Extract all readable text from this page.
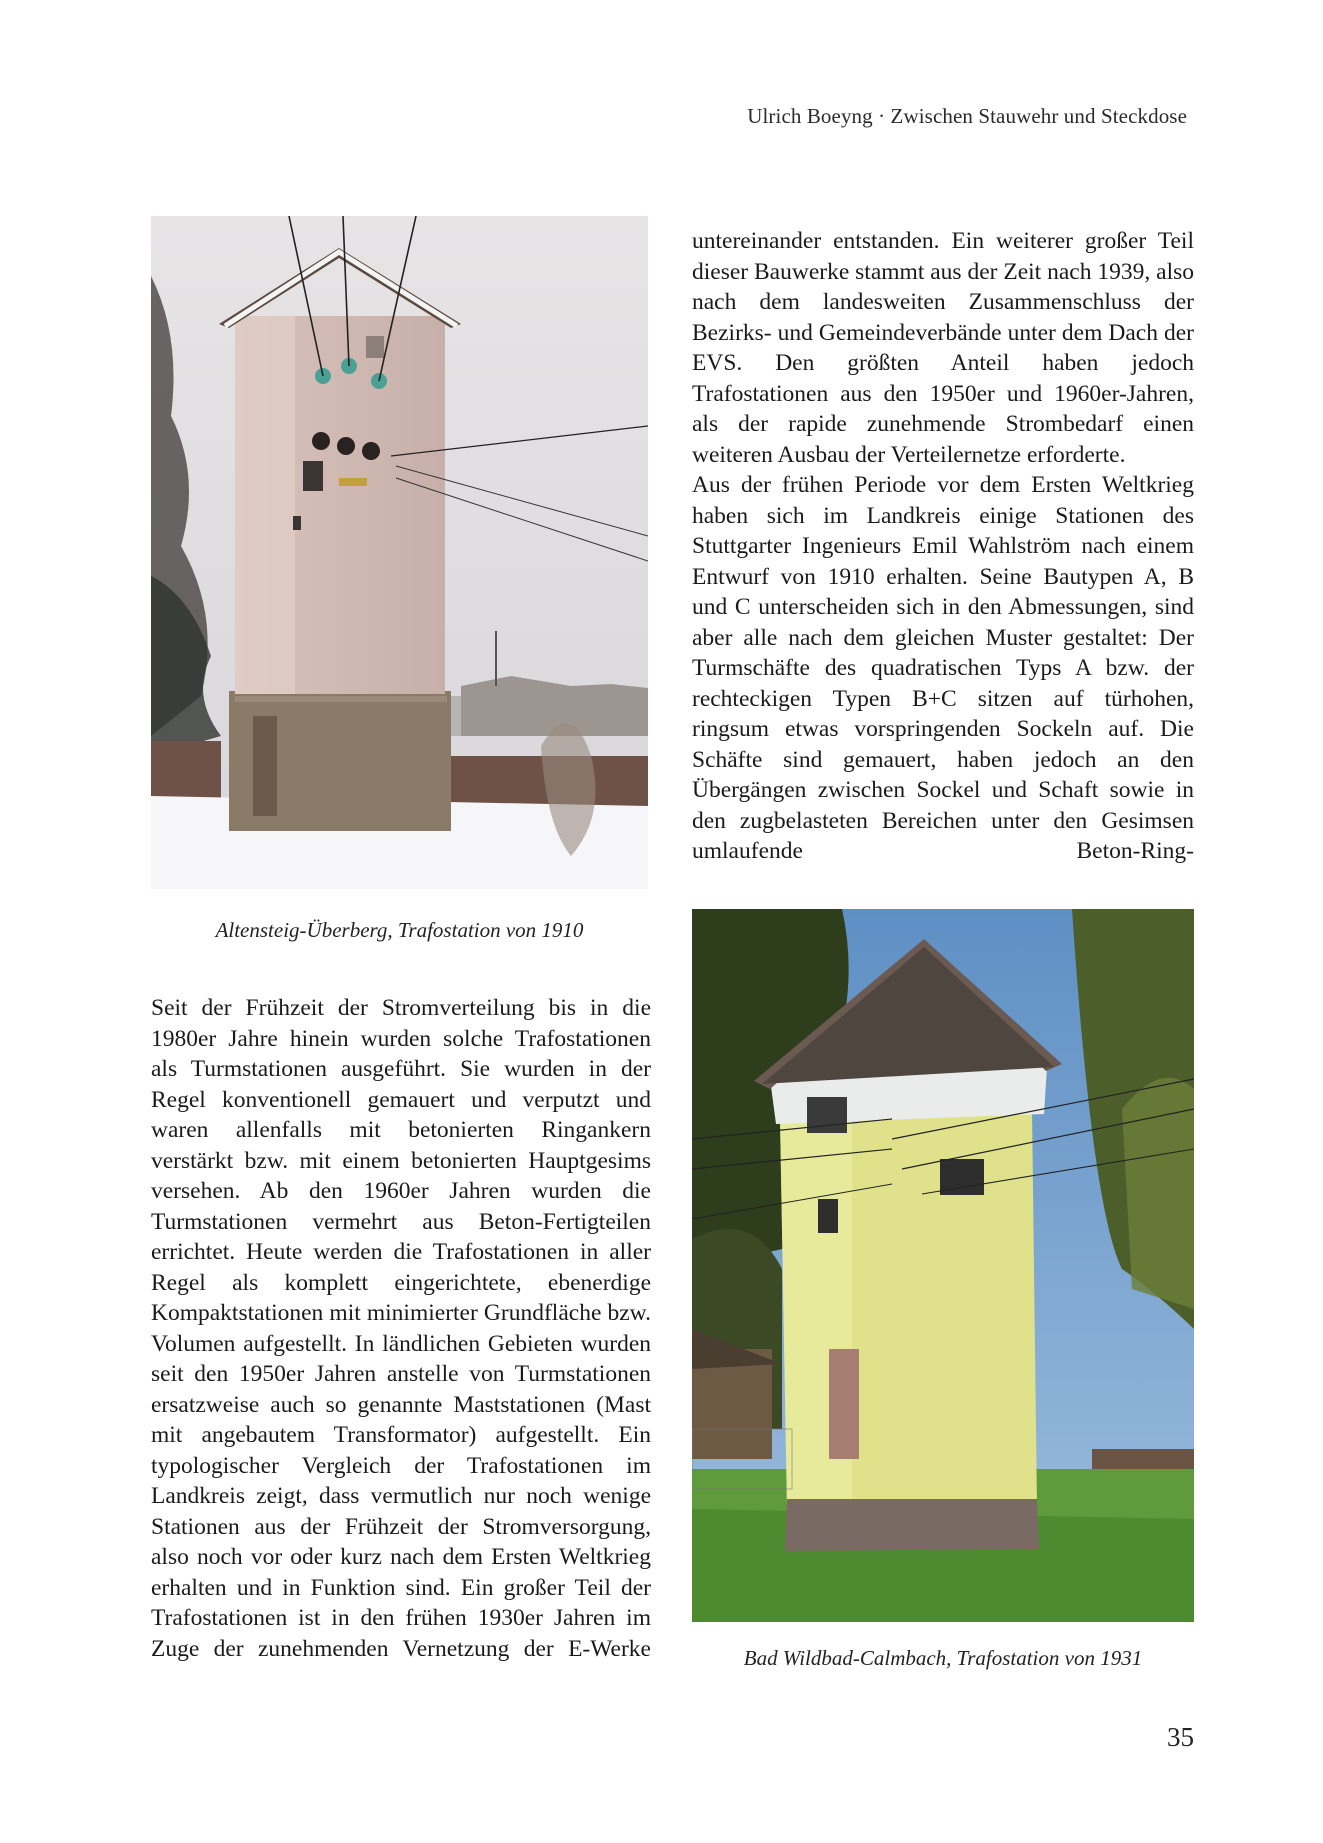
Ulrich Boeyng · Zwischen Stauwehr und Steckdose
Altensteig-Überberg, Trafostation von 1910

untereinander entstanden. Ein weiterer großer Teil dieser Bauwerke stammt aus der Zeit nach 1939, also nach dem landesweiten Zusammenschluss der Bezirks- und Gemeindeverbände unter dem Dach der EVS. Den größten Anteil haben jedoch Trafostationen aus den 1950er und 1960er-Jahren, als der rapide zunehmende Strombedarf einen weiteren Ausbau der Verteilernetze erforderte.

Aus der frühen Periode vor dem Ersten Weltkrieg haben sich im Landkreis einige Stationen des Stuttgarter Ingenieurs Emil Wahlström nach einem Entwurf von 1910 erhalten. Seine Bautypen A, B und C unterscheiden sich in den Abmessungen, sind aber alle nach dem gleichen Muster gestaltet: Der Turmschäfte des quadratischen Typs A bzw. der rechteckigen Typen B+C sitzen auf türhohen, ringsum etwas vorspringenden Sockeln auf. Die Schäfte sind gemauert, haben jedoch an den Übergängen zwischen Sockel und Schaft sowie in den zugbelasteten Bereichen unter den Gesimsen umlaufende Beton-Ring-

Bad Wildbad-Calmbach, Trafostation von 1931

Seit der Frühzeit der Stromverteilung bis in die 1980er Jahre hinein wurden solche Trafostationen als Turmstationen ausgeführt. Sie wurden in der Regel konventionell gemauert und verputzt und waren allenfalls mit betonierten Ringankern verstärkt bzw. mit einem betonierten Hauptgesims versehen. Ab den 1960er Jahren wurden die Turmstationen vermehrt aus Beton-Fertigteilen errichtet. Heute werden die Trafostationen in aller Regel als komplett eingerichtete, ebenerdige Kompaktstationen mit minimierter Grundfläche bzw. Volumen aufgestellt. In ländlichen Gebieten wurden seit den 1950er Jahren anstelle von Turmstationen ersatzweise auch so genannte Maststationen (Mast mit angebautem Transformator) aufgestellt. Ein typologischer Vergleich der Trafostationen im Landkreis zeigt, dass vermutlich nur noch wenige Stationen aus der Frühzeit der Stromversorgung, also noch vor oder kurz nach dem Ersten Weltkrieg erhalten und in Funktion sind. Ein großer Teil der Trafostationen ist in den frühen 1930er Jahren im Zuge der zunehmenden Vernetzung der E-Werke

35
